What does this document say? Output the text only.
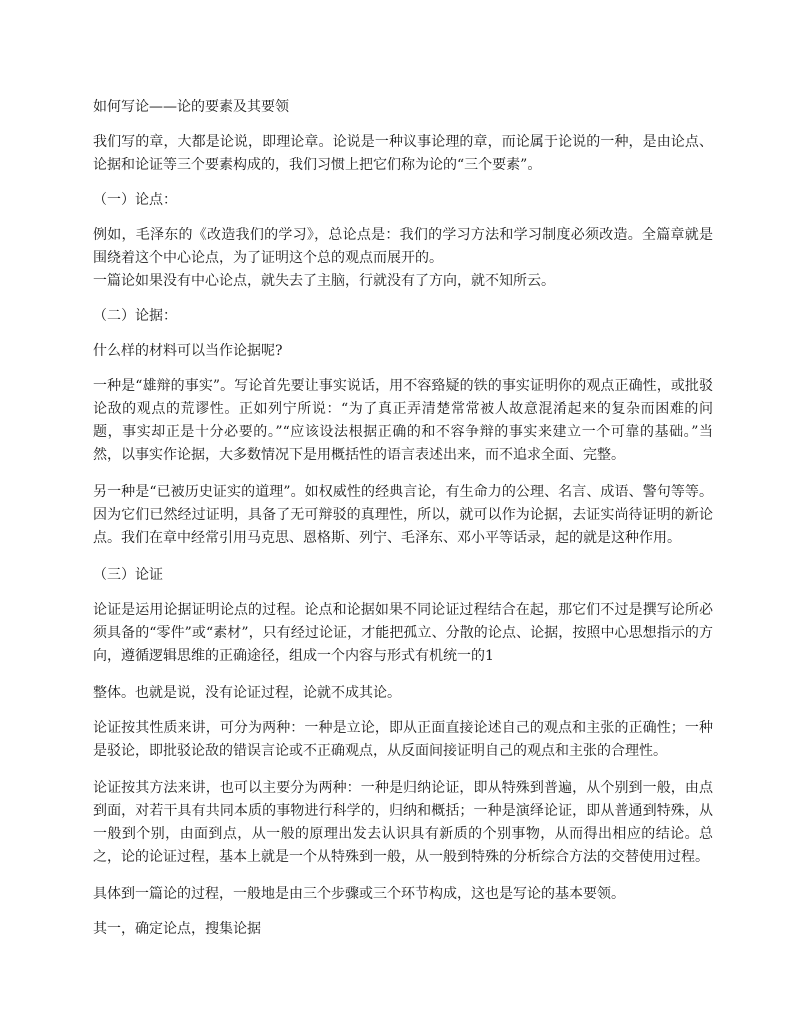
如何写论——论的要素及其要领

我们写的章，大都是论说，即理论章。论说是一种议事论理的章，而论属于论说的一种，是由论点、论据和论证等三个要素构成的，我们习惯上把它们称为论的“三个要素”。

（一）论点：

例如，毛泽东的《改造我们的学习》，总论点是：我们的学习方法和学习制度必须改造。全篇章就是围绕着这个中心论点，为了证明这个总的观点而展开的。

一篇论如果没有中心论点，就失去了主脑，行就没有了方向，就不知所云。

（二）论据：

什么样的材料可以当作论据呢?

一种是“雄辩的事实”。写论首先要让事实说话，用不容臵疑的铁的事实证明你的观点正确性，或批驳论敌的观点的荒谬性。正如列宁所说：“为了真正弄清楚常常被人故意混淆起来的复杂而困难的问题，事实却正是十分必要的。”“应该设法根据正确的和不容争辩的事实来建立一个可靠的基础。”当然，以事实作论据，大多数情况下是用概括性的语言表述出来，而不追求全面、完整。

另一种是“已被历史证实的道理”。如权威性的经典言论，有生命力的公理、名言、成语、警句等等。因为它们已然经过证明，具备了无可辩驳的真理性，所以，就可以作为论据，去证实尚待证明的新论点。我们在章中经常引用马克思、恩格斯、列宁、毛泽东、邓小平等话录，起的就是这种作用。

（三）论证

论证是运用论据证明论点的过程。论点和论据如果不同论证过程结合在起，那它们不过是撰写论所必须具备的“零件”或“素材”，只有经过论证，才能把孤立、分散的论点、论据，按照中心思想指示的方向，遵循逻辑思维的正确途径，组成一个内容与形式有机统一的1

整体。也就是说，没有论证过程，论就不成其论。

论证按其性质来讲，可分为两种：一种是立论，即从正面直接论述自己的观点和主张的正确性；一种是驳论，即批驳论敌的错误言论或不正确观点，从反面间接证明自己的观点和主张的合理性。

论证按其方法来讲，也可以主要分为两种：一种是归纳论证，即从特殊到普遍，从个别到一般，由点到面，对若干具有共同本质的事物进行科学的，归纳和概括；一种是演绎论证，即从普通到特殊，从一般到个别，由面到点，从一般的原理出发去认识具有新质的个别事物，从而得出相应的结论。总之，论的论证过程，基本上就是一个从特殊到一般，从一般到特殊的分析综合方法的交替使用过程。

具体到一篇论的过程，一般地是由三个步骤或三个环节构成，这也是写论的基本要领。

其一，确定论点，搜集论据
